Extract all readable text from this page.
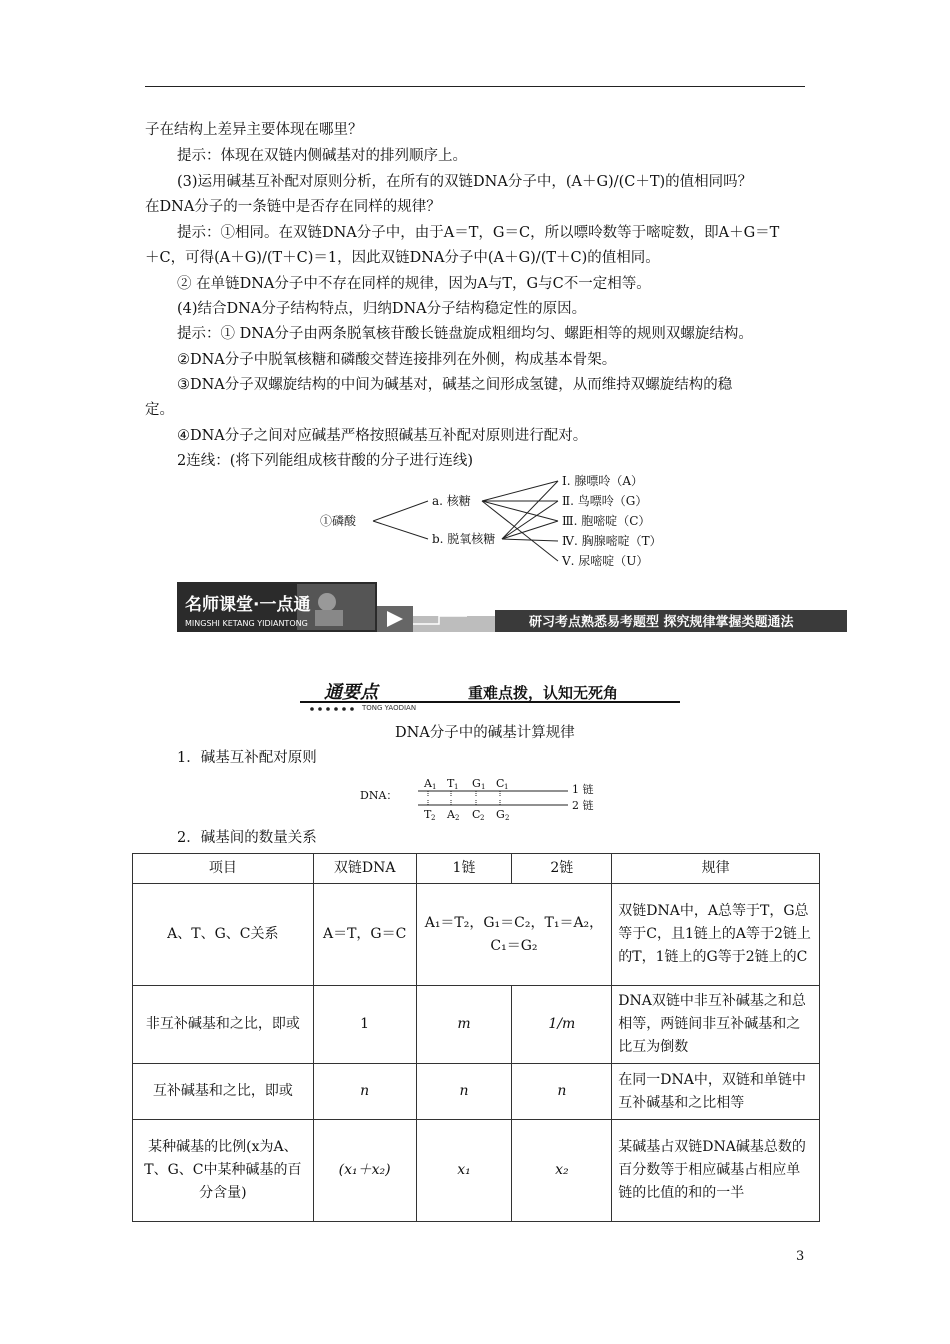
子在结构上差异主要体现在哪里？
提示：体现在双链内侧碱基对的排列顺序上。
(3)运用碱基互补配对原则分析，在所有的双链DNA分子中，(A＋G)/(C＋T)的值相同吗？
在DNA分子的一条链中是否存在同样的规律？
提示：①相同。在双链DNA分子中，由于A＝T，G＝C，所以嘌呤数等于嘧啶数，即A＋G＝T
＋C，可得(A＋G)/(T＋C)＝1，因此双链DNA分子中(A＋G)/(T＋C)的值相同。
② 在单链DNA分子中不存在同样的规律，因为A与T，G与C不一定相等。
(4)结合DNA分子结构特点，归纳DNA分子结构稳定性的原因。
提示：① DNA分子由两条脱氧核苷酸长链盘旋成粗细均匀、螺距相等的规则双螺旋结构。
②DNA分子中脱氧核糖和磷酸交替连接排列在外侧，构成基本骨架。
③DNA分子双螺旋结构的中间为碱基对，碱基之间形成氢键，从而维持双螺旋结构的稳
定。
④DNA分子之间对应碱基严格按照碱基互补配对原则进行配对。
2连线：(将下列能组成核苷酸的分子进行连线)
①磷酸
a. 核糖
b. 脱氧核糖
Ⅰ. 腺嘌呤（A）
Ⅱ. 鸟嘌呤（G）
Ⅲ. 胞嘧啶（C）
Ⅳ. 胸腺嘧啶（T）
Ⅴ. 尿嘧啶（U）
名师课堂·一点通
MINGSHI KETANG YIDIANTONG	研习考点熟悉易考题型 探究规律掌握类题通法
通要点
TONG YAODIAN
重难点拨，认知无死角
DNA分子中的碱基计算规律
1．碱基互补配对原则
DNA：
A T G C
T A C G
1 链
2 链
1	1	1	1
2	2	2	2
2．碱基间的数量关系
项目	双链DNA	1链	2链	规律
A、T、G、C关系	A＝T，G＝C	A₁＝T₂，G₁＝C₂，T₁＝A₂，C₁＝G₂		双链DNA中，A总等于T，G总等于C，且1链上的A等于2链上的T，1链上的G等于2链上的C
非互补碱基和之比，即或	1	m	1/m	DNA双链中非互补碱基之和总相等，两链间非互补碱基和之比互为倒数
互补碱基和之比，即或	n	n	n	在同一DNA中，双链和单链中互补碱基和之比相等
某种碱基的比例(x为A、T、G、C中某种碱基的百分含量)	(x₁＋x₂)	x₁	x₂	某碱基占双链DNA碱基总数的百分数等于相应碱基占相应单链的比值的和的一半
3
